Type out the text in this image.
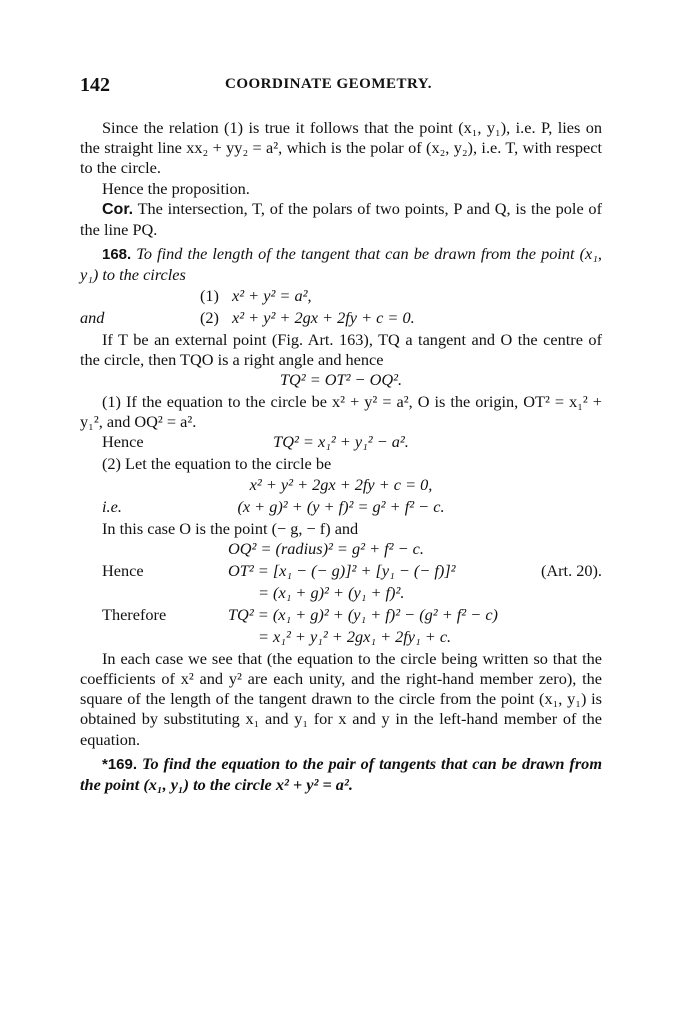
142	COORDINATE GEOMETRY.

Since the relation (1) is true it follows that the point (x₁, y₁), i.e. P, lies on the straight line xx₂ + yy₂ = a², which is the polar of (x₂, y₂), i.e. T, with respect to the circle.

Hence the proposition.

Cor. The intersection, T, of the polars of two points, P and Q, is the pole of the line PQ.

168. To find the length of the tangent that can be drawn from the point (x₁, y₁) to the circles

(1) x² + y² = a²,
and	(2) x² + y² + 2gx + 2fy + c = 0.

If T be an external point (Fig. Art. 163), TQ a tangent and O the centre of the circle, then TQO is a right angle and hence

TQ² = OT² − OQ².

(1) If the equation to the circle be x² + y² = a², O is the origin, OT² = x₁² + y₁², and OQ² = a².

Hence	TQ² = x₁² + y₁² − a².

(2) Let the equation to the circle be

x² + y² + 2gx + 2fy + c = 0,
i.e.	(x + g)² + (y + f)² = g² + f² − c.

In this case O is the point (− g, − f) and

OQ² = (radius)² = g² + f² − c.
Hence	OT² = [x₁ − (− g)]² + [y₁ − (− f)]²	(Art. 20).
= (x₁ + g)² + (y₁ + f)².
Therefore	TQ² = (x₁ + g)² + (y₁ + f)² − (g² + f² − c)
= x₁² + y₁² + 2gx₁ + 2fy₁ + c.

In each case we see that (the equation to the circle being written so that the coefficients of x² and y² are each unity, and the right-hand member zero), the square of the length of the tangent drawn to the circle from the point (x₁, y₁) is obtained by substituting x₁ and y₁ for x and y in the left-hand member of the equation.

*169. To find the equation to the pair of tangents that can be drawn from the point (x₁, y₁) to the circle x² + y² = a².
